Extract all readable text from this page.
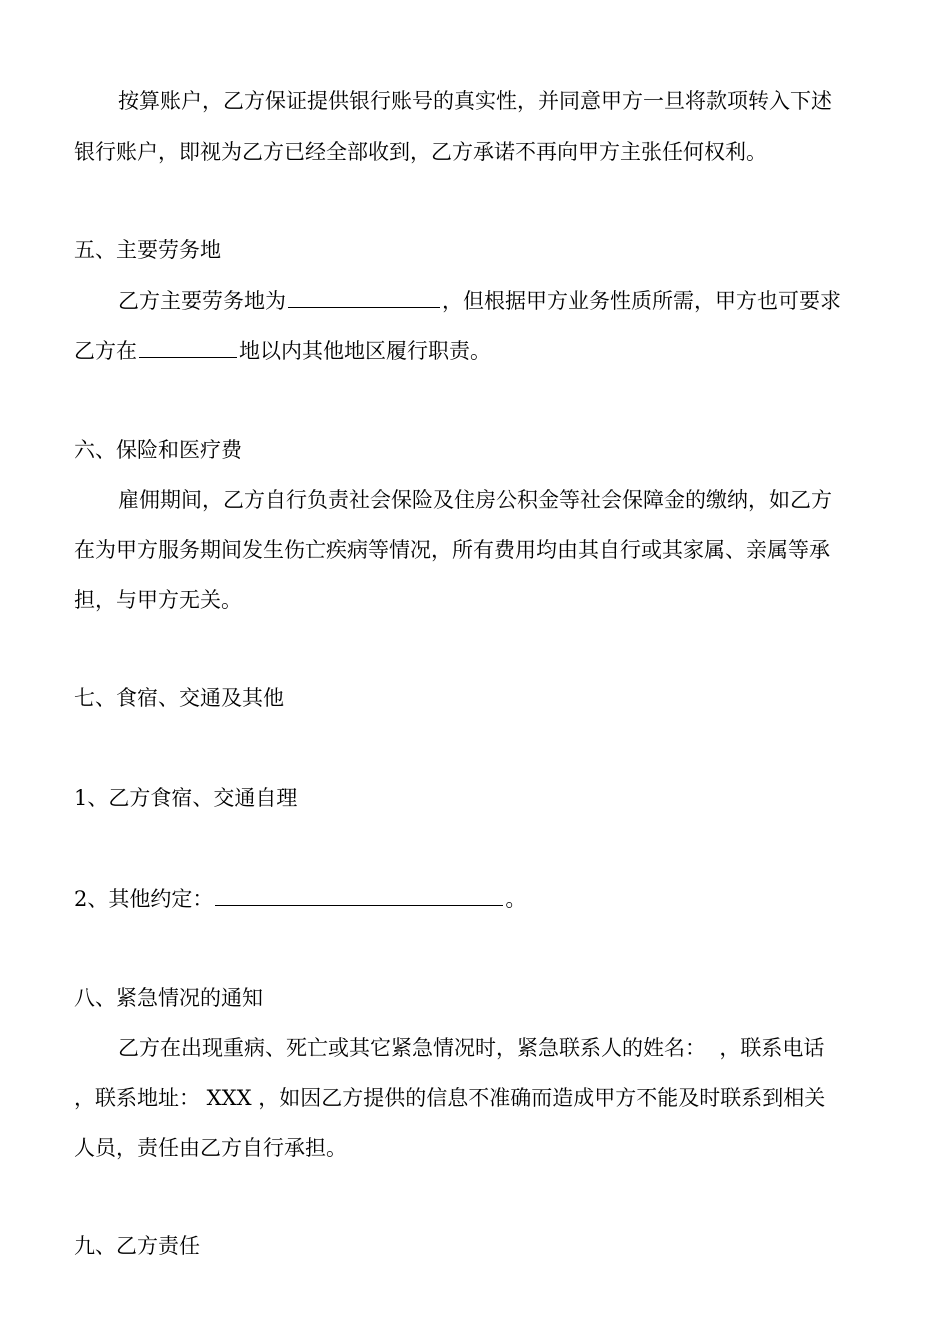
按算账户，乙方保证提供银行账号的真实性，并同意甲方一旦将款项转入下述
银行账户，即视为乙方已经全部收到，乙方承诺不再向甲方主张任何权利。
五、主要劳务地
乙方主要劳务地为	，但根据甲方业务性质所需，甲方也可要求
乙方在	地以内其他地区履行职责。
六、保险和医疗费
雇佣期间，乙方自行负责社会保险及住房公积金等社会保障金的缴纳，如乙方
在为甲方服务期间发生伤亡疾病等情况，所有费用均由其自行或其家属、亲属等承
担，与甲方无关。
七、食宿、交通及其他
1、乙方食宿、交通自理
2、其他约定：	。
八、紧急情况的通知
乙方在出现重病、死亡或其它紧急情况时，紧急联系人的姓名：  ，联系电话
，联系地址： XXX ，如因乙方提供的信息不准确而造成甲方不能及时联系到相关
人员，责任由乙方自行承担。
九、乙方责任
